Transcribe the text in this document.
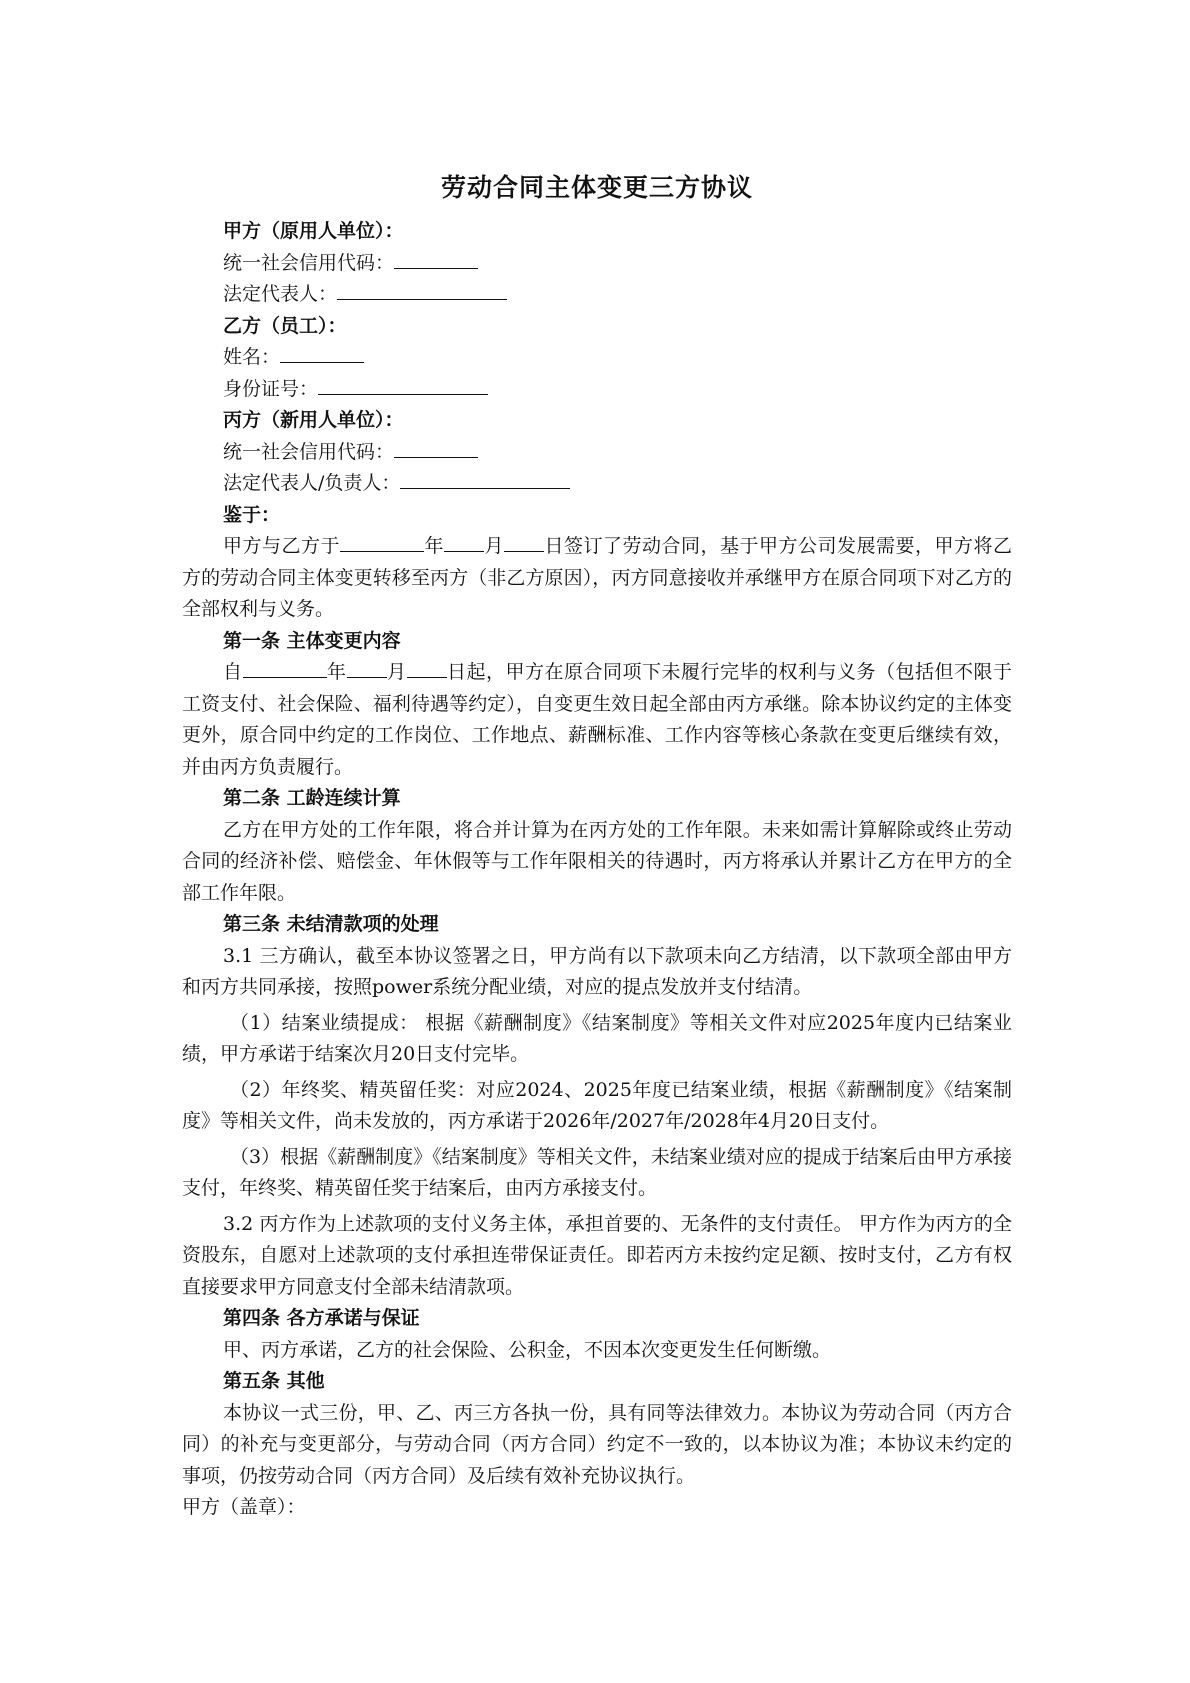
劳动合同主体变更三方协议
甲方（原用人单位）：
统一社会信用代码：
法定代表人：
乙方（员工）：
姓名：
身份证号：
丙方（新用人单位）：
统一社会信用代码：
法定代表人/负责人：
鉴于：

甲方与乙方于	年 月 日签订了劳动合同，基于甲方公司发展需要，甲方将乙方的劳动合同主体变更转移至丙方（非乙方原因），丙方同意接收并承继甲方在原合同项下对乙方的全部权利与义务。

第一条 主体变更内容

自	年 月 日起，甲方在原合同项下未履行完毕的权利与义务（包括但不限于工资支付、社会保险、福利待遇等约定），自变更生效日起全部由丙方承继。除本协议约定的主体变更外，原合同中约定的工作岗位、工作地点、薪酬标准、工作内容等核心条款在变更后继续有效，并由丙方负责履行。

第二条 工龄连续计算

乙方在甲方处的工作年限，将合并计算为在丙方处的工作年限。未来如需计算解除或终止劳动合同的经济补偿、赔偿金、年休假等与工作年限相关的待遇时，丙方将承认并累计乙方在甲方的全部工作年限。

第三条 未结清款项的处理

3.1 三方确认，截至本协议签署之日，甲方尚有以下款项未向乙方结清，以下款项全部由甲方和丙方共同承接，按照power系统分配业绩，对应的提点发放并支付结清。

（1）结案业绩提成： 根据《薪酬制度》《结案制度》等相关文件对应2025年度内已结案业绩，甲方承诺于结案次月20日支付完毕。

（2）年终奖、精英留任奖：对应2024、2025年度已结案业绩，根据《薪酬制度》《结案制度》等相关文件，尚未发放的，丙方承诺于2026年/2027年/2028年4月20日支付。

（3）根据《薪酬制度》《结案制度》等相关文件，未结案业绩对应的提成于结案后由甲方承接支付，年终奖、精英留任奖于结案后，由丙方承接支付。

3.2 丙方作为上述款项的支付义务主体，承担首要的、无条件的支付责任。 甲方作为丙方的全资股东，自愿对上述款项的支付承担连带保证责任。即若丙方未按约定足额、按时支付，乙方有权直接要求甲方同意支付全部未结清款项。

第四条 各方承诺与保证

甲、丙方承诺，乙方的社会保险、公积金，不因本次变更发生任何断缴。

第五条 其他

本协议一式三份，甲、乙、丙三方各执一份，具有同等法律效力。本协议为劳动合同（丙方合同）的补充与变更部分，与劳动合同（丙方合同）约定不一致的，以本协议为准；本协议未约定的事项，仍按劳动合同（丙方合同）及后续有效补充协议执行。

甲方（盖章）：
